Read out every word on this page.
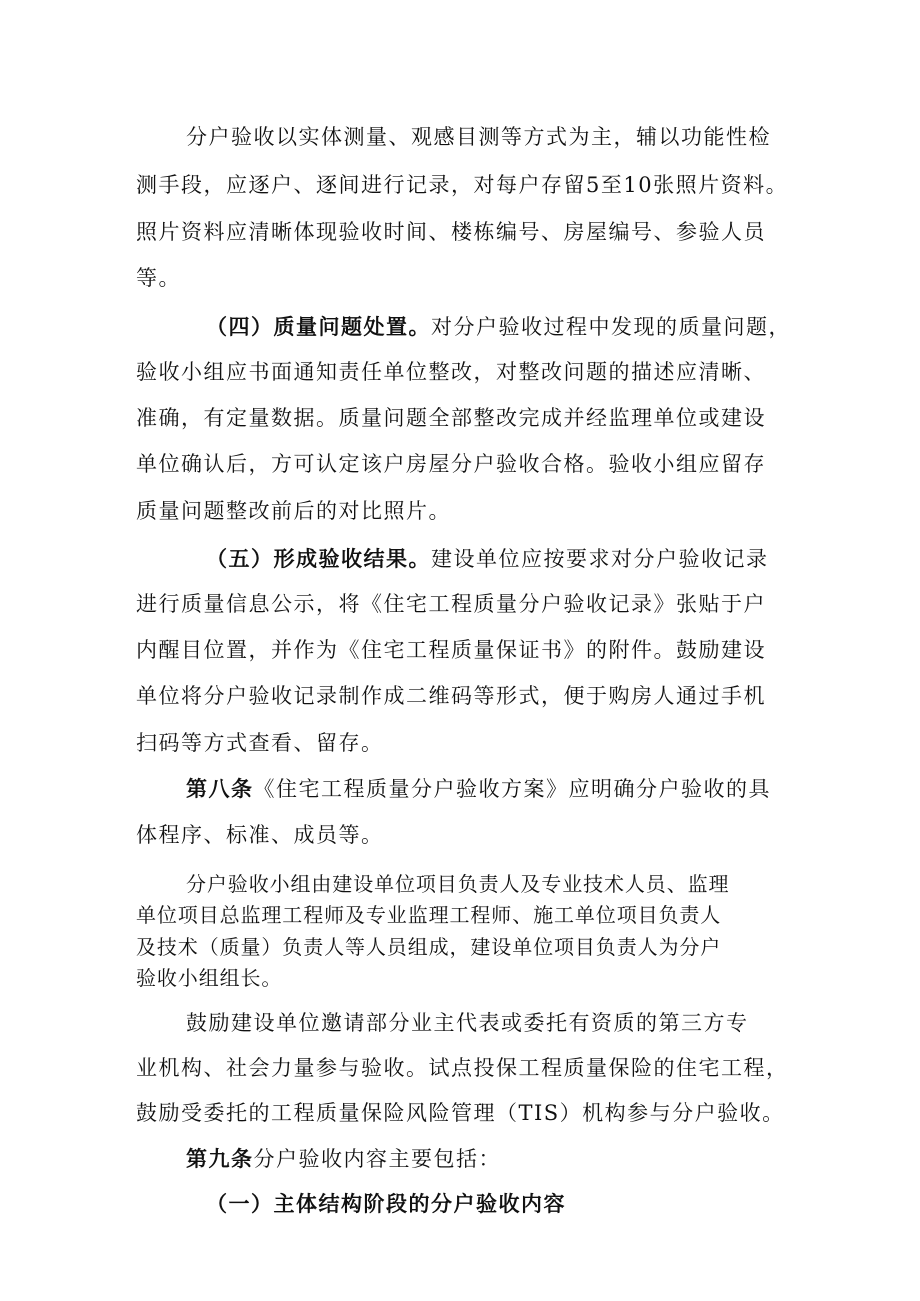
分户验收以实体测量、观感目测等方式为主，辅以功能性检
测手段，应逐户、逐间进行记录，对每户存留5至10张照片资料。
照片资料应清晰体现验收时间、楼栋编号、房屋编号、参验人员
等。
（四）质量问题处置。对分户验收过程中发现的质量问题，
验收小组应书面通知责任单位整改，对整改问题的描述应清晰、
准确，有定量数据。质量问题全部整改完成并经监理单位或建设
单位确认后，方可认定该户房屋分户验收合格。验收小组应留存
质量问题整改前后的对比照片。
（五）形成验收结果。建设单位应按要求对分户验收记录
进行质量信息公示，将《住宅工程质量分户验收记录》张贴于户
内醒目位置，并作为《住宅工程质量保证书》的附件。鼓励建设
单位将分户验收记录制作成二维码等形式，便于购房人通过手机
扫码等方式查看、留存。
第八条《住宅工程质量分户验收方案》应明确分户验收的具
体程序、标准、成员等。
分户验收小组由建设单位项目负责人及专业技术人员、监理
单位项目总监理工程师及专业监理工程师、施工单位项目负责人
及技术（质量）负责人等人员组成，建设单位项目负责人为分户
验收小组组长。
鼓励建设单位邀请部分业主代表或委托有资质的第三方专
业机构、社会力量参与验收。试点投保工程质量保险的住宅工程，
鼓励受委托的工程质量保险风险管理（TIS）机构参与分户验收。
第九条分户验收内容主要包括：
（一）主体结构阶段的分户验收内容
